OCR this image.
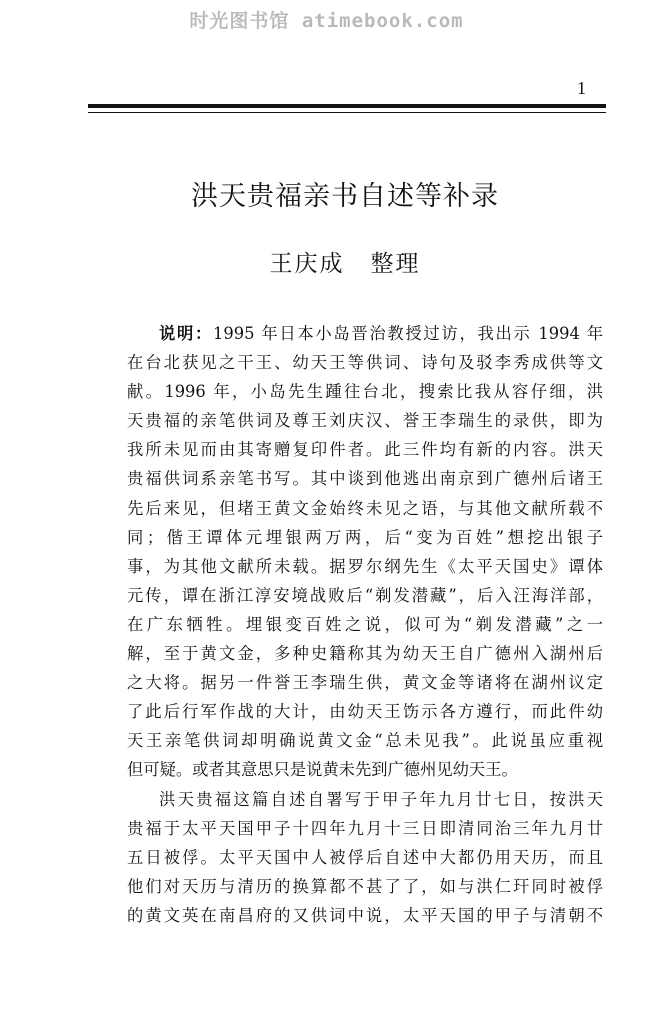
时光图书馆 atimebook.com
1
洪天贵福亲书自述等补录
王庆成 整理
说明：1995 年日本小岛晋治教授过访，我出示 1994 年
在台北获见之干王、幼天王等供词、诗句及驳李秀成供等文
献。1996 年，小岛先生踵往台北，搜索比我从容仔细，洪
天贵福的亲笔供词及尊王刘庆汉、誉王李瑞生的录供，即为
我所未见而由其寄赠复印件者。此三件均有新的内容。洪天
贵福供词系亲笔书写。其中谈到他逃出南京到广德州后诸王
先后来见，但堵王黄文金始终未见之语，与其他文献所载不
同；偕王谭体元埋银两万两，后“变为百姓”想挖出银子
事，为其他文献所未载。据罗尔纲先生《太平天国史》谭体
元传，谭在浙江淳安境战败后“剃发潜藏”，后入汪海洋部，
在广东牺牲。埋银变百姓之说，似可为“剃发潜藏”之一
解，至于黄文金，多种史籍称其为幼天王自广德州入湖州后
之大将。据另一件誉王李瑞生供，黄文金等诸将在湖州议定
了此后行军作战的大计，由幼天王饬示各方遵行，而此件幼
天王亲笔供词却明确说黄文金“总未见我”。此说虽应重视
但可疑。或者其意思只是说黄未先到广德州见幼天王。
洪天贵福这篇自述自署写于甲子年九月廿七日，按洪天
贵福于太平天国甲子十四年九月十三日即清同治三年九月廿
五日被俘。太平天国中人被俘后自述中大都仍用天历，而且
他们对天历与清历的换算都不甚了了，如与洪仁玕同时被俘
的黄文英在南昌府的又供词中说，太平天国的甲子与清朝不
